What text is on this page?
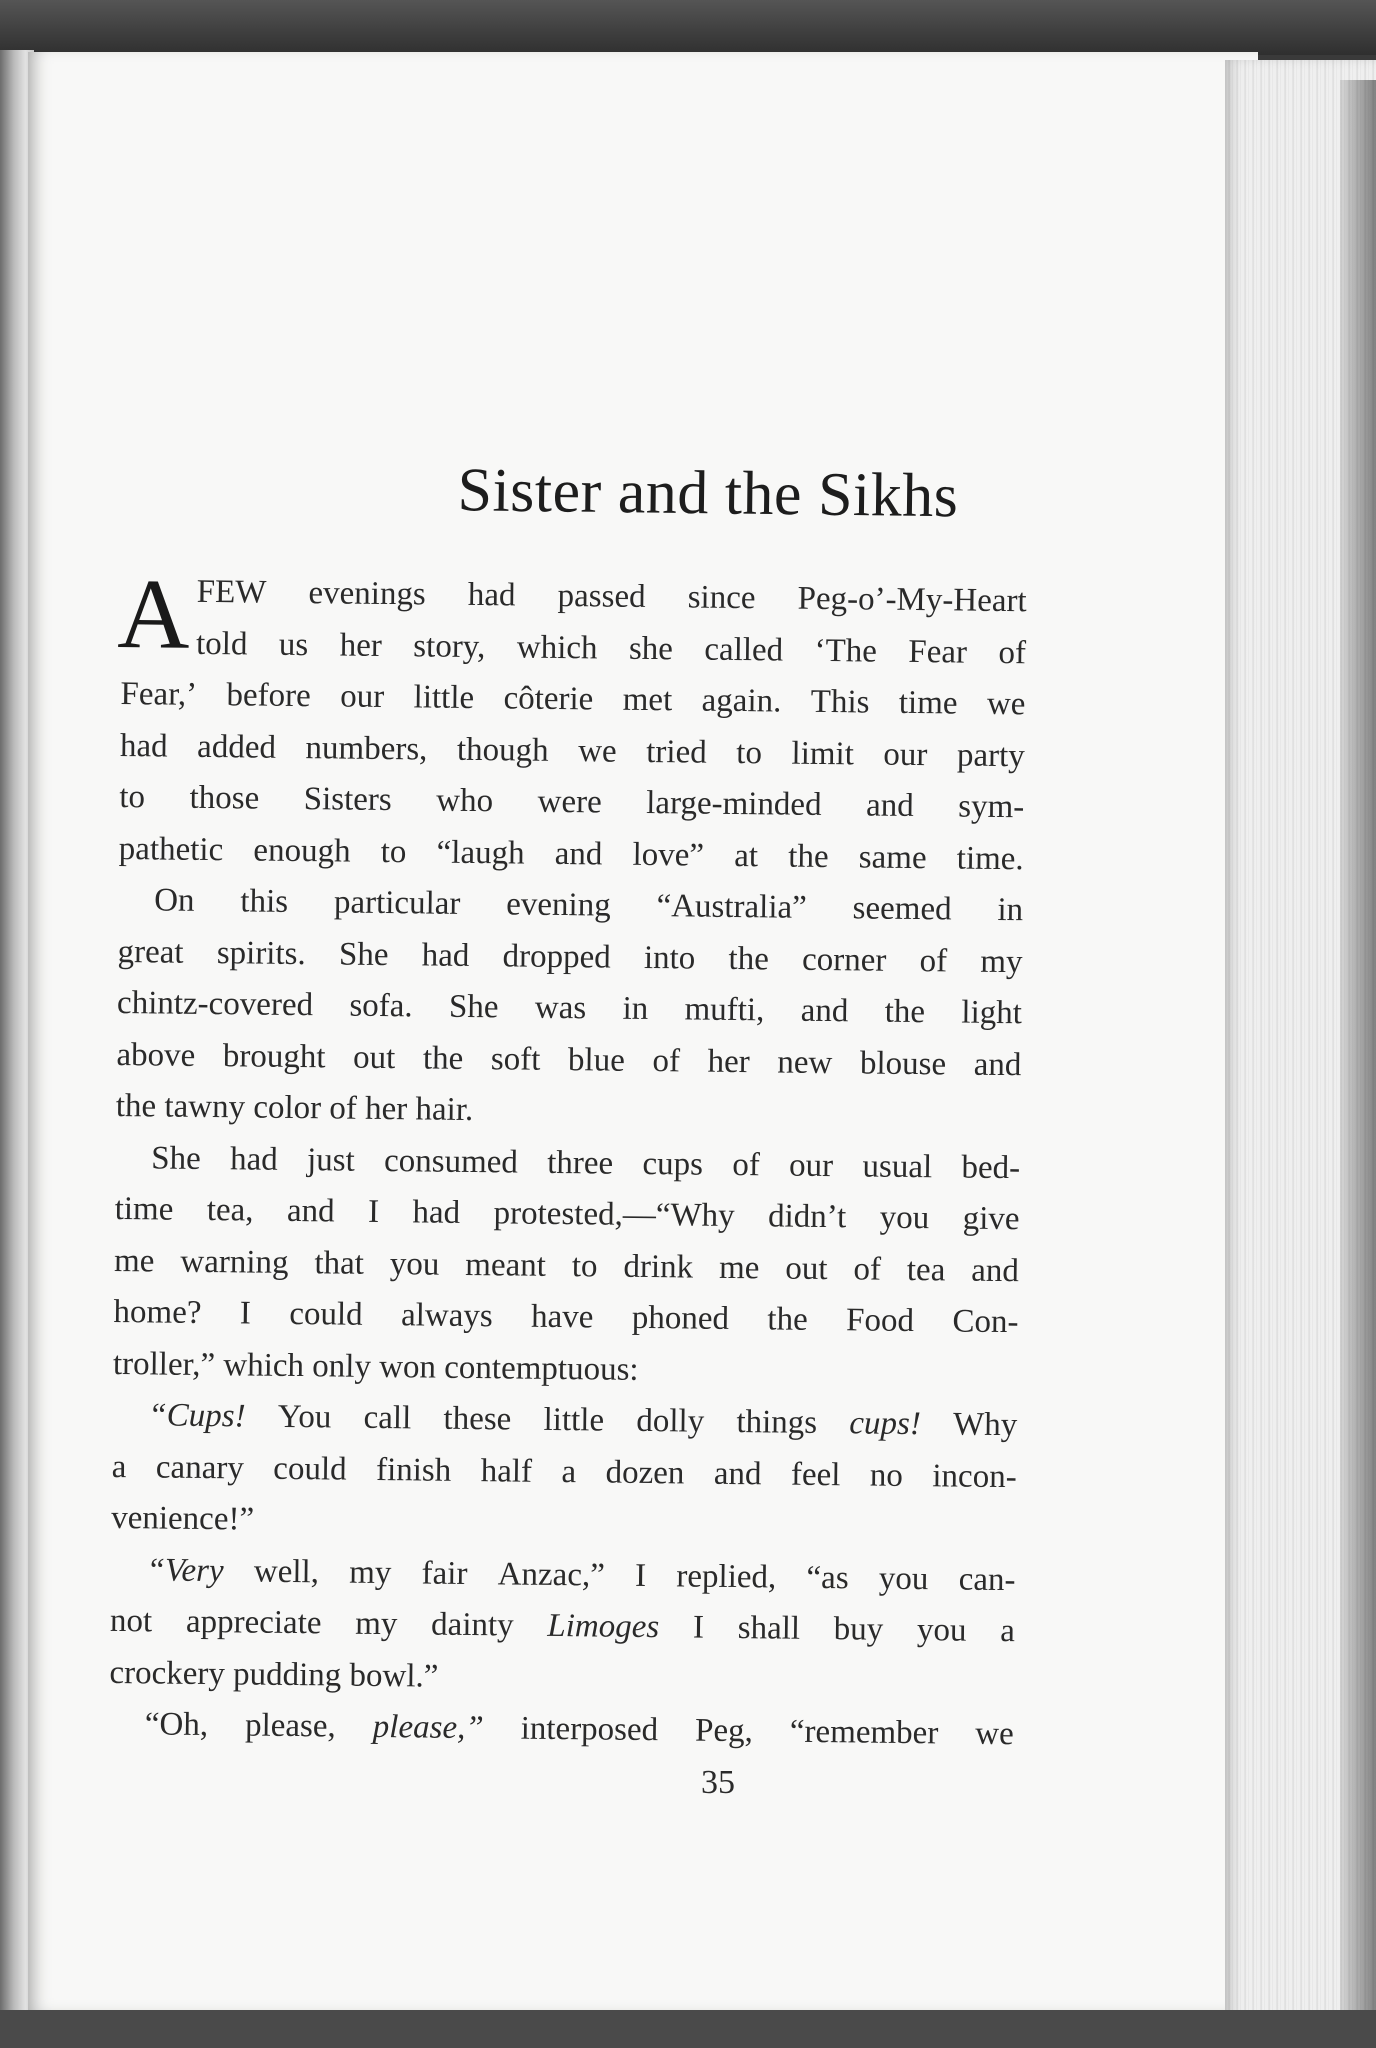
Sister and the Sikhs
A FEW evenings had passed since Peg-o’-My-Heart
told us her story, which she called ‘The Fear of
Fear,’ before our little côterie met again. This time we
had added numbers, though we tried to limit our party
to those Sisters who were large-minded and sym-
pathetic enough to “laugh and love” at the same time.
On this particular evening “Australia” seemed in
great spirits. She had dropped into the corner of my
chintz-covered sofa. She was in mufti, and the light
above brought out the soft blue of her new blouse and
the tawny color of her hair.
She had just consumed three cups of our usual bed-
time tea, and I had protested,—“Why didn’t you give
me warning that you meant to drink me out of tea and
home? I could always have phoned the Food Con-
troller,” which only won contemptuous:
“Cups! You call these little dolly things cups! Why
a canary could finish half a dozen and feel no incon-
venience!”
“Very well, my fair Anzac,” I replied, “as you can-
not appreciate my dainty Limoges I shall buy you a
crockery pudding bowl.”
“Oh, please, please,” interposed Peg, “remember we
35
